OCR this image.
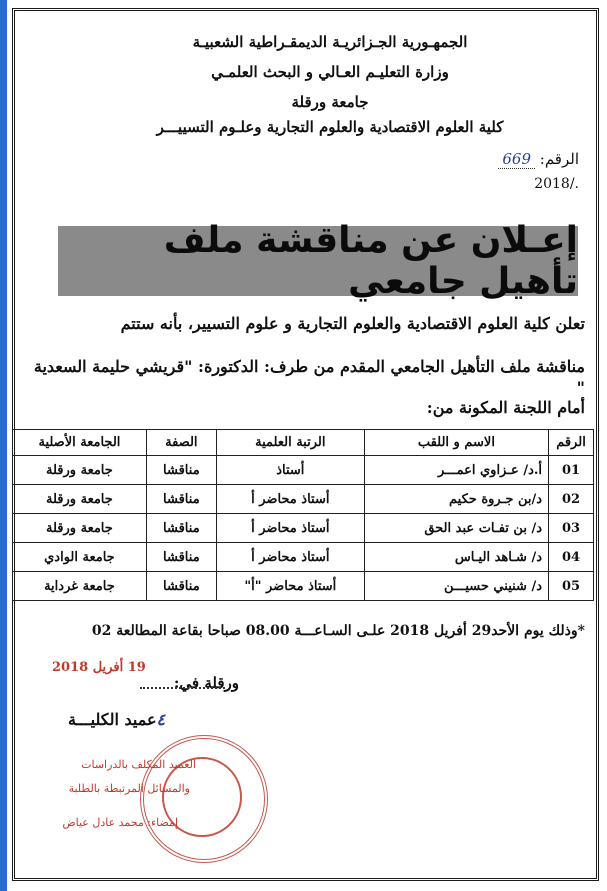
الجمهـورية الجـزائريـة الديمقـراطية الشعبيـة
وزارة التعليـم العـالي و البحث العلمـي
جامعة ورقلة
كلية العلوم الاقتصادية والعلوم التجارية وعلـوم التسييـــر
الرقم: 669
2018/.
إعـلان عن مناقشة ملف تأهيل جامعي
تعلن كلية العلوم الاقتصادية والعلوم التجارية و علوم التسيير، بأنه ستتم
مناقشة ملف التأهيل الجامعي المقدم من طرف: الدكتورة: "قريشي حليمة السعدية "
أمام اللجنة المكونة من:
الرقم	الاسم و اللقب	الرتبة العلمية	الصفة	الجامعة الأصلية
01	أ.د/ عـزاوي اعمـــر	أستاذ	مناقشا	جامعة ورقلة
02	د/بن جـروة حكيم	أستاذ محاضر أ	مناقشا	جامعة ورقلة
03	د/ بن تفـات عبد الحق	أستاذ محاضر أ	مناقشا	جامعة ورقلة
04	د/ شـاهد اليـاس	أستاذ محاضر أ	مناقشا	جامعة الوادي
05	د/ شنيني حسيـــن	أستاذ محاضر "أ"	مناقشا	جامعة غرداية
*وذلك يوم الأحد29 أفريل 2018 علـى السـاعـــة 08.00 صباحا بقاعة المطالعة 02
ورقلة في:
19 أفريل 2018
٤عميد الكليـــة
العميد المكلف بالدراسات
والمسائل المرتبطة بالطلبة
إمضاء: محمد عادل عياض
